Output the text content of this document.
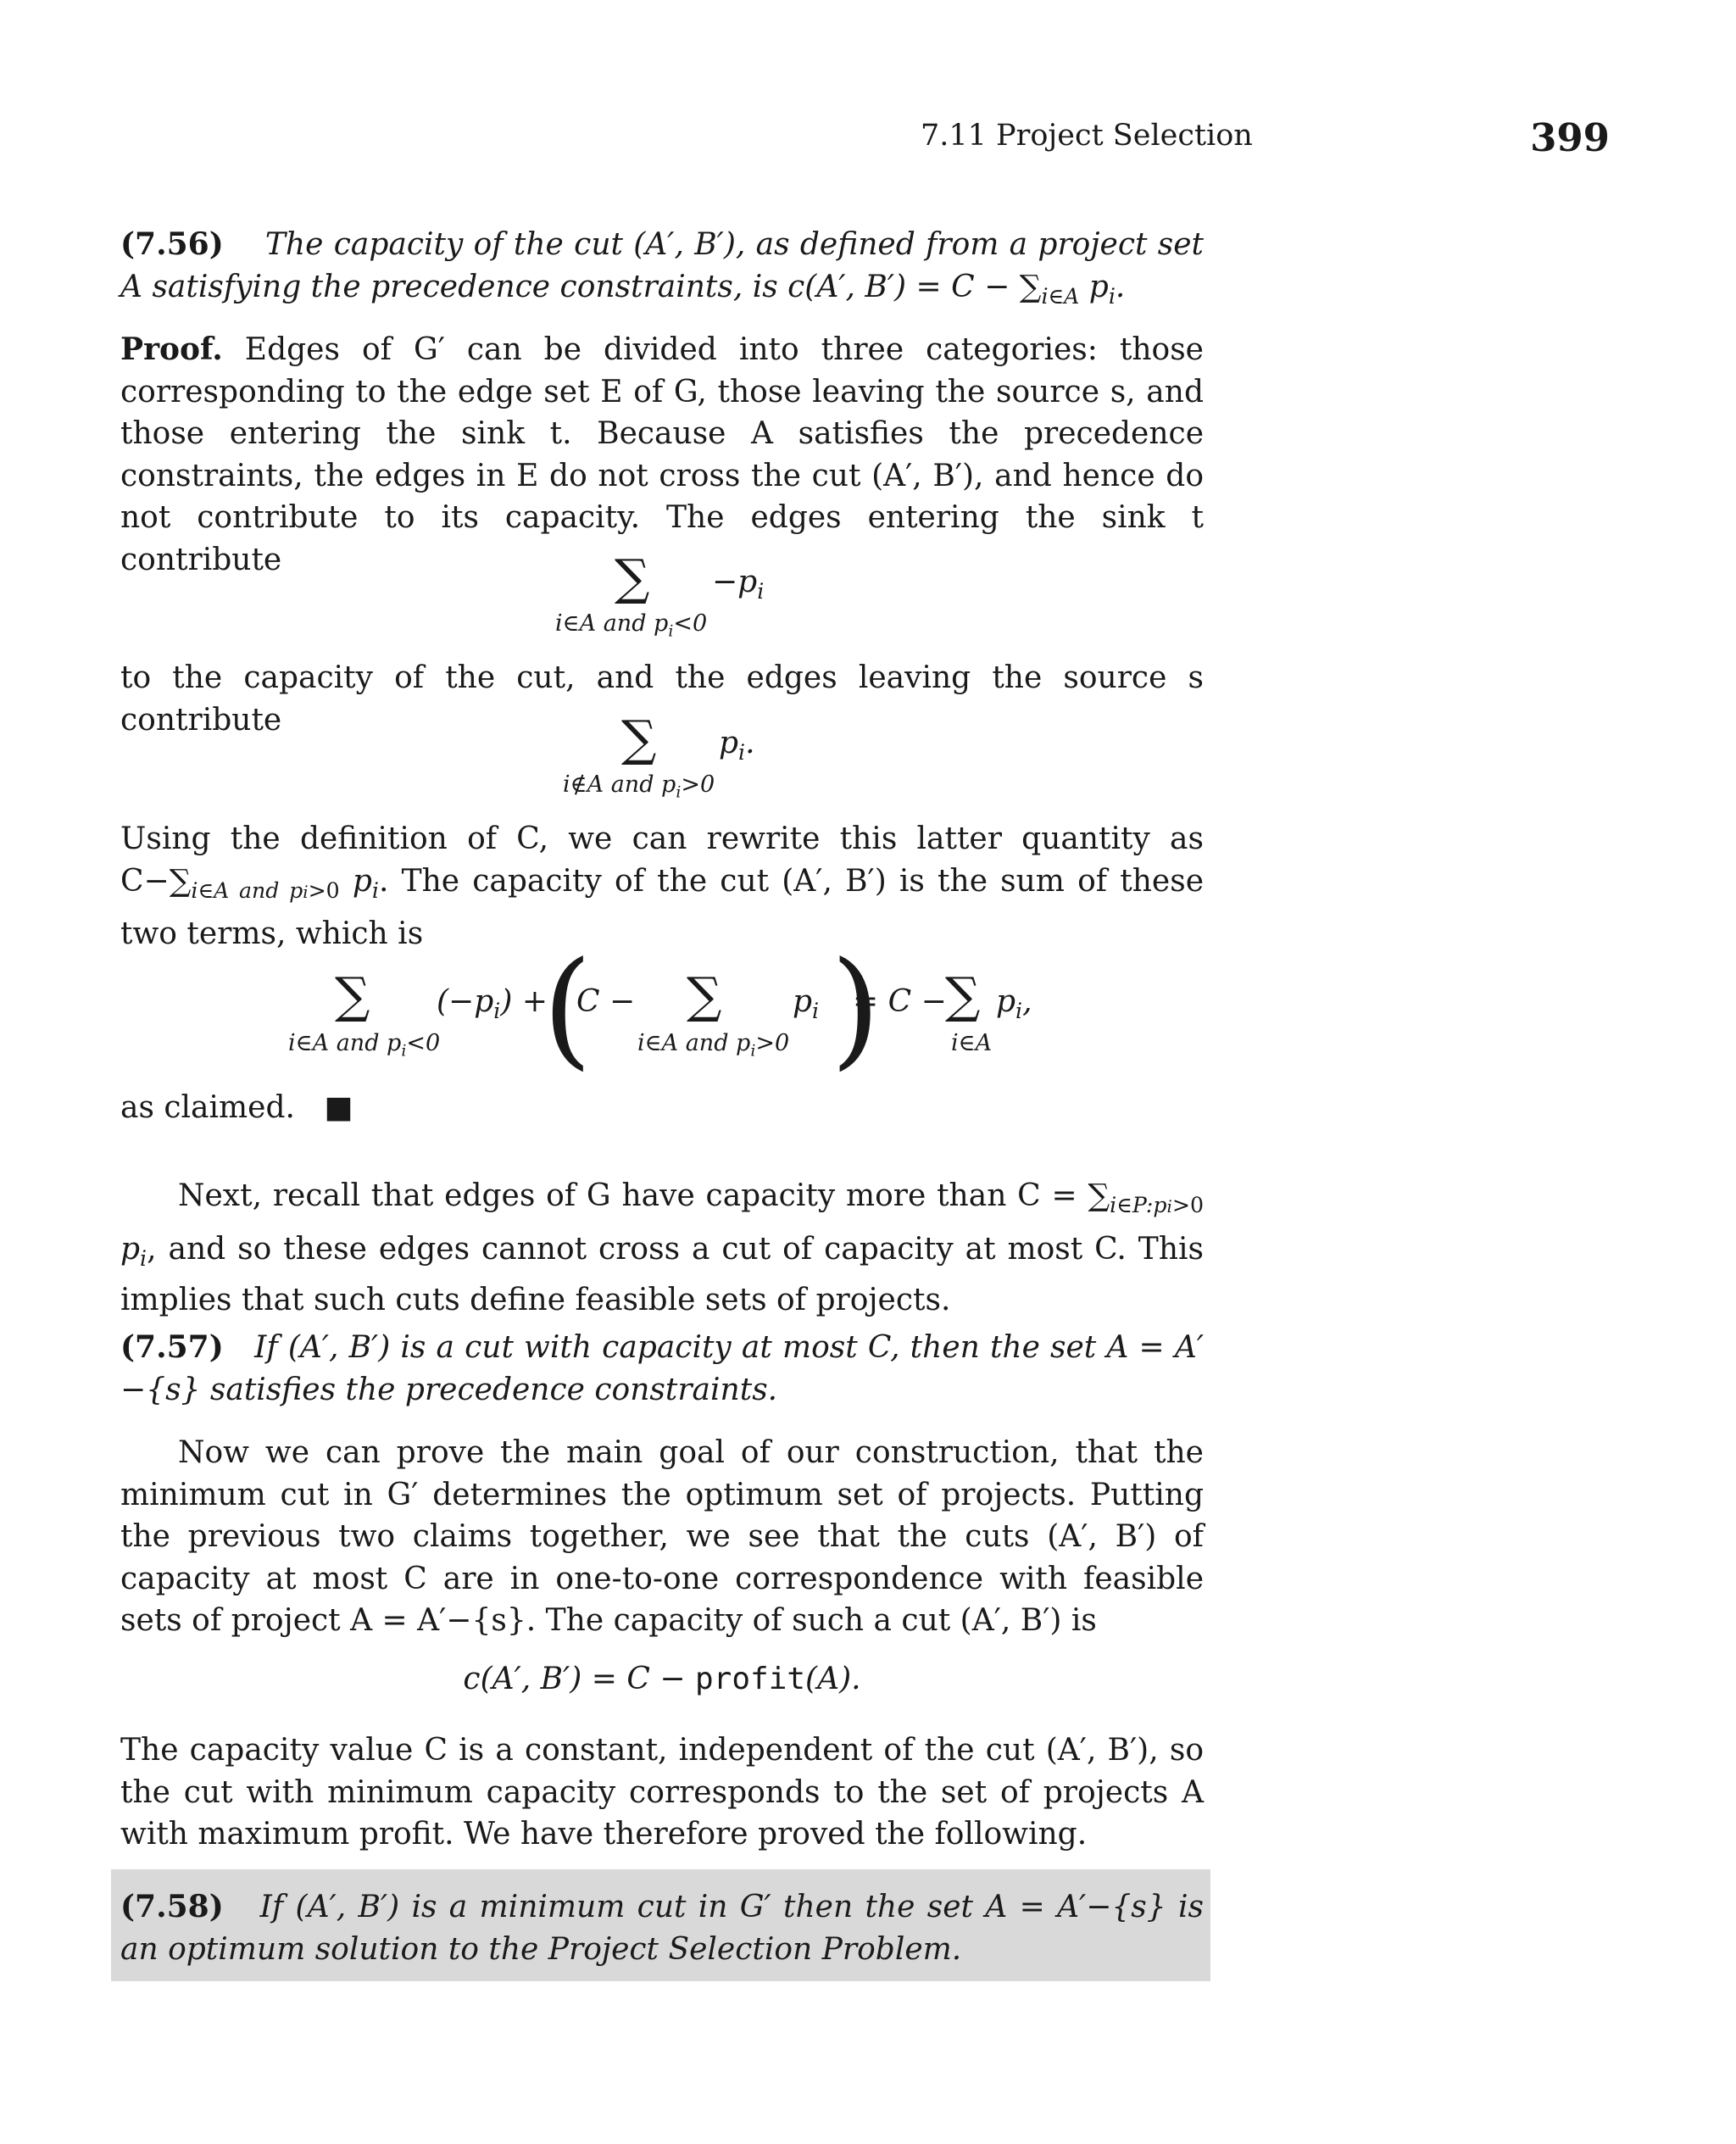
7.11 Project Selection	399

(7.56) The capacity of the cut (A′, B′), as defined from a project set A satisfying the precedence constraints, is c(A′, $B') = C - \sum_{i\in A}$ $p_i$.

Proof. Edges of G′ can be divided into three categories: those corresponding to the edge set E of G, those leaving the source s, and those entering the sink t. Because A satisfies the precedence constraints, the edges in E do not cross the cut (A′, B′), and hence do not contribute to its capacity. The edges entering the sink t contribute	∑ $-p_i$
i∈A and $p_i<0$

to the capacity of the cut, and the edges leaving the source s contribute	∑ $p_i$.
i∉A and $p_i>0$

Using the definition of C, we can rewrite this latter quantity as $C-\sum_{i\in A and pi>0}$ $p_i$. The capacity of the cut (A′, B′) is the sum of these two terms, which is

∑ $(-p_i)$ +
i∈A and $p_i<0$ (
C − ∑ $p_i$
i∈A and $p_i>0$ )
= C −
∑ $p_i$,
i∈A
as claimed. ■

Next, recall that edges of G have capacity more than $C = \sum_{i\in P:pi>0}$ $p_i$, and so these edges cannot cross a cut of capacity at most C. This implies that such cuts define feasible sets of projects.

(7.57) If (A′, B′) is a cut with capacity at most C, then the set A = A′−{s} satisfies the precedence constraints.

Now we can prove the main goal of our construction, that the minimum cut in G′ determines the optimum set of projects. Putting the previous two claims together, we see that the cuts (A′, B′) of capacity at most C are in one-to-one correspondence with feasible sets of project A = A′−{s}. The capacity of such a cut (A′, B′) is

c(A′, B′) = C − profit(A).

The capacity value C is a constant, independent of the cut (A′, B′), so the cut with minimum capacity corresponds to the set of projects A with maximum profit. We have therefore proved the following.

(7.58) If (A′, B′) is a minimum cut in G′ then the set A = A′−{s} is an optimum solution to the Project Selection Problem.
